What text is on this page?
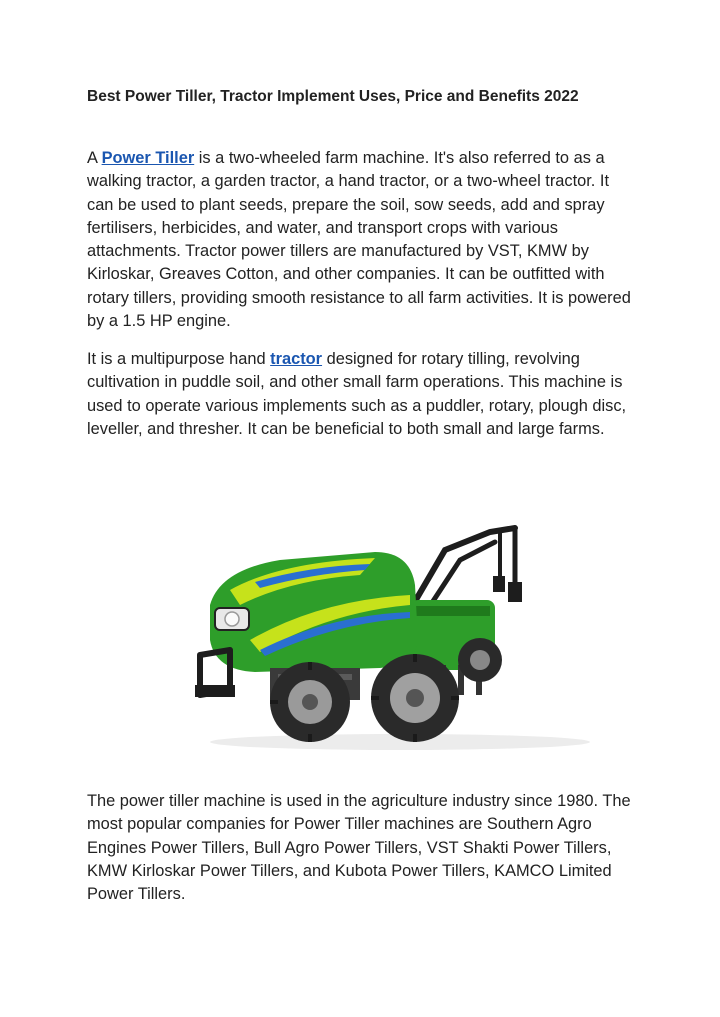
Best Power Tiller, Tractor Implement Uses, Price and Benefits 2022

A Power Tiller is a two-wheeled farm machine. It's also referred to as a walking tractor, a garden tractor, a hand tractor, or a two-wheel tractor. It can be used to plant seeds, prepare the soil, sow seeds, add and spray fertilisers, herbicides, and water, and transport crops with various attachments. Tractor power tillers are manufactured by VST, KMW by Kirloskar, Greaves Cotton, and other companies. It can be outfitted with rotary tillers, providing smooth resistance to all farm activities. It is powered by a 1.5 HP engine.

It is a multipurpose hand tractor designed for rotary tilling, revolving cultivation in puddle soil, and other small farm operations. This machine is used to operate various implements such as a puddler, rotary, plough disc, leveller, and thresher. It can be beneficial to both small and large farms.

The power tiller machine is used in the agriculture industry since 1980. The most popular companies for Power Tiller machines are Southern Agro Engines Power Tillers, Bull Agro Power Tillers, VST Shakti Power Tillers, KMW Kirloskar Power Tillers, and Kubota Power Tillers, KAMCO Limited Power Tillers.
